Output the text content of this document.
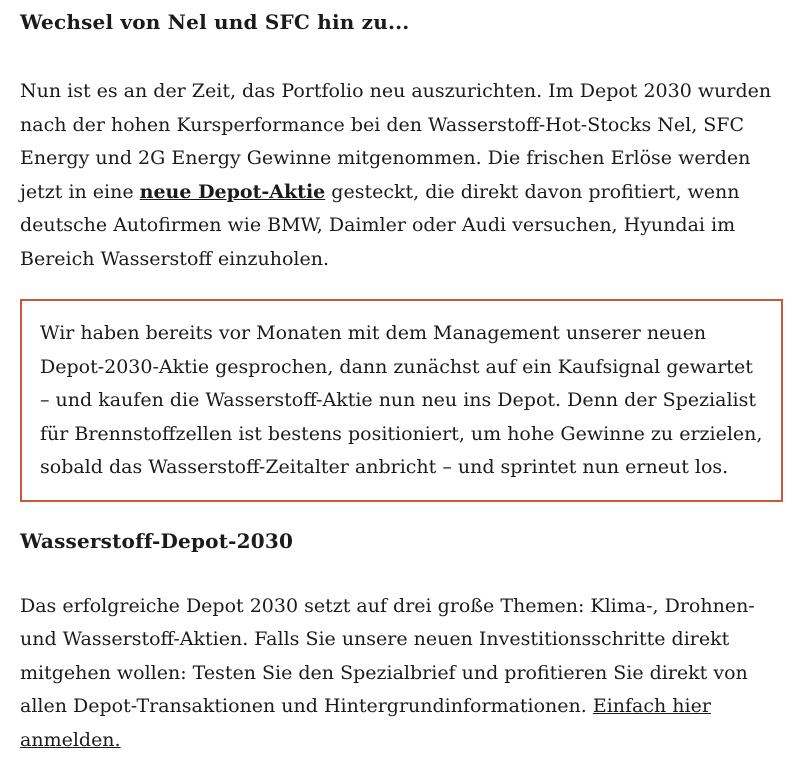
Wechsel von Nel und SFC hin zu...

Nun ist es an der Zeit, das Portfolio neu auszurichten. Im Depot 2030 wurden nach der hohen Kursperformance bei den Wasserstoff-Hot-Stocks Nel, SFC Energy und 2G Energy Gewinne mitgenommen. Die frischen Erlöse werden jetzt in eine neue Depot-Aktie gesteckt, die direkt davon profitiert, wenn deutsche Autofirmen wie BMW, Daimler oder Audi versuchen, Hyundai im Bereich Wasserstoff einzuholen.

Wir haben bereits vor Monaten mit dem Management unserer neuen Depot-2030-Aktie gesprochen, dann zunächst auf ein Kaufsignal gewartet – und kaufen die Wasserstoff-Aktie nun neu ins Depot. Denn der Spezialist für Brennstoffzellen ist bestens positioniert, um hohe Gewinne zu erzielen, sobald das Wasserstoff-Zeitalter anbricht – und sprintet nun erneut los.

Wasserstoff-Depot-2030

Das erfolgreiche Depot 2030 setzt auf drei große Themen: Klima-, Drohnen- und Wasserstoff-Aktien. Falls Sie unsere neuen Investitionsschritte direkt mitgehen wollen: Testen Sie den Spezialbrief und profitieren Sie direkt von allen Depot-Transaktionen und Hintergrundinformationen. Einfach hier anmelden.
